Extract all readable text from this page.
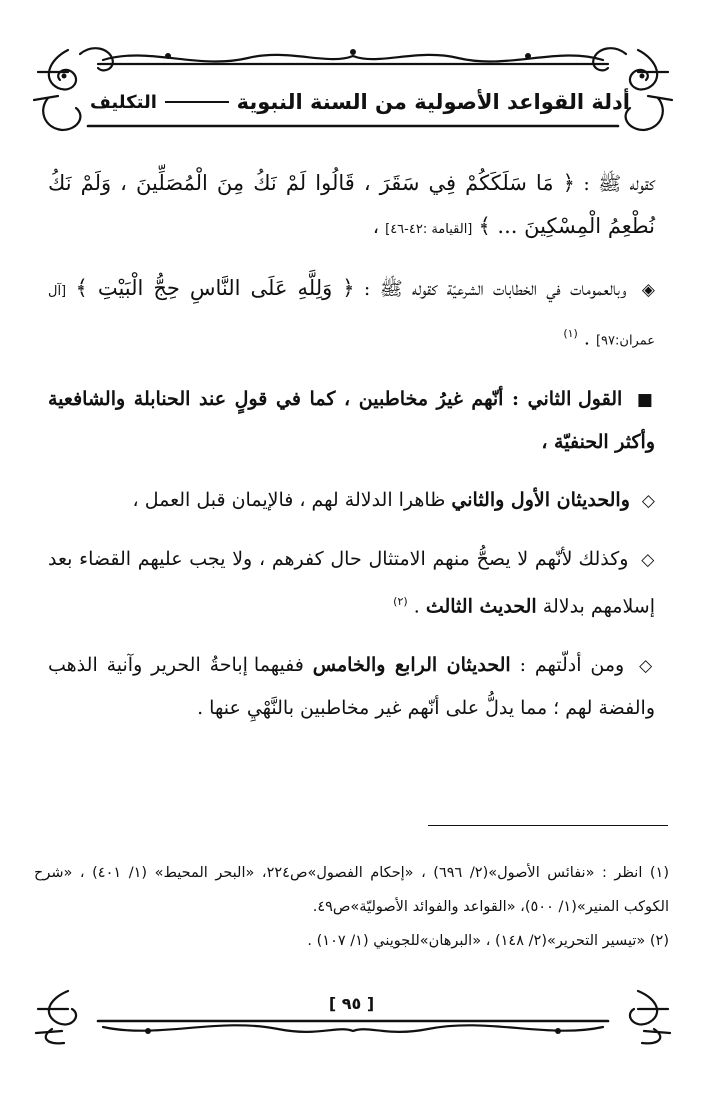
أدلة القواعد الأصولية من السنة النبوية
التكليف

كقوله ﷺ : ﴿ مَا سَلَكَكُمْ فِي سَقَرَ ، قَالُوا لَمْ نَكُ مِنَ الْمُصَلِّينَ ، وَلَمْ نَكُ نُطْعِمُ الْمِسْكِينَ ... ﴾ [القيامة :٤٢-٤٦] ،

◈ وبالعمومات في الخطابات الشرعيّة كقوله ﷺ : ﴿ وَلِلَّهِ عَلَى النَّاسِ حِجُّ الْبَيْتِ ﴾ [آل عمران:٩٧] . $^{(١)}$

■ القول الثاني : أنّهم غيرُ مخاطبين ، كما في قولٍ عند الحنابلة والشافعية وأكثر الحنفيّة ،

◇ والحديثان الأول والثاني ظاهرا الدلالة لهم ، فالإيمان قبل العمل ،

◇ وكذلك لأنّهم لا يصحُّ منهم الامتثال حال كفرهم ، ولا يجب عليهم القضاء بعد إسلامهم بدلالة الحديث الثالث . $^{(٢)}$

◇ ومن أدلّتهم : الحديثان الرابع والخامس ففيهما إباحةُ الحرير وآنية الذهب والفضة لهم ؛ مما يدلُّ على أنّهم غير مخاطبين بالنَّهْيِ عنها .

(١) انظر : «نفائس الأصول»(٢/ ٦٩٦) ، «إحكام الفصول»ص٢٢٤، «البحر المحيط» (١/ ٤٠١) ، «شرح الكوكب المنير»(١/ ٥٠٠)، «القواعد والفوائد الأصوليّة»ص٤٩.

(٢) «تيسير التحرير»(٢/ ١٤٨) ، «البرهان»للجويني (١/ ١٠٧) .

[ ٩٥ ]
